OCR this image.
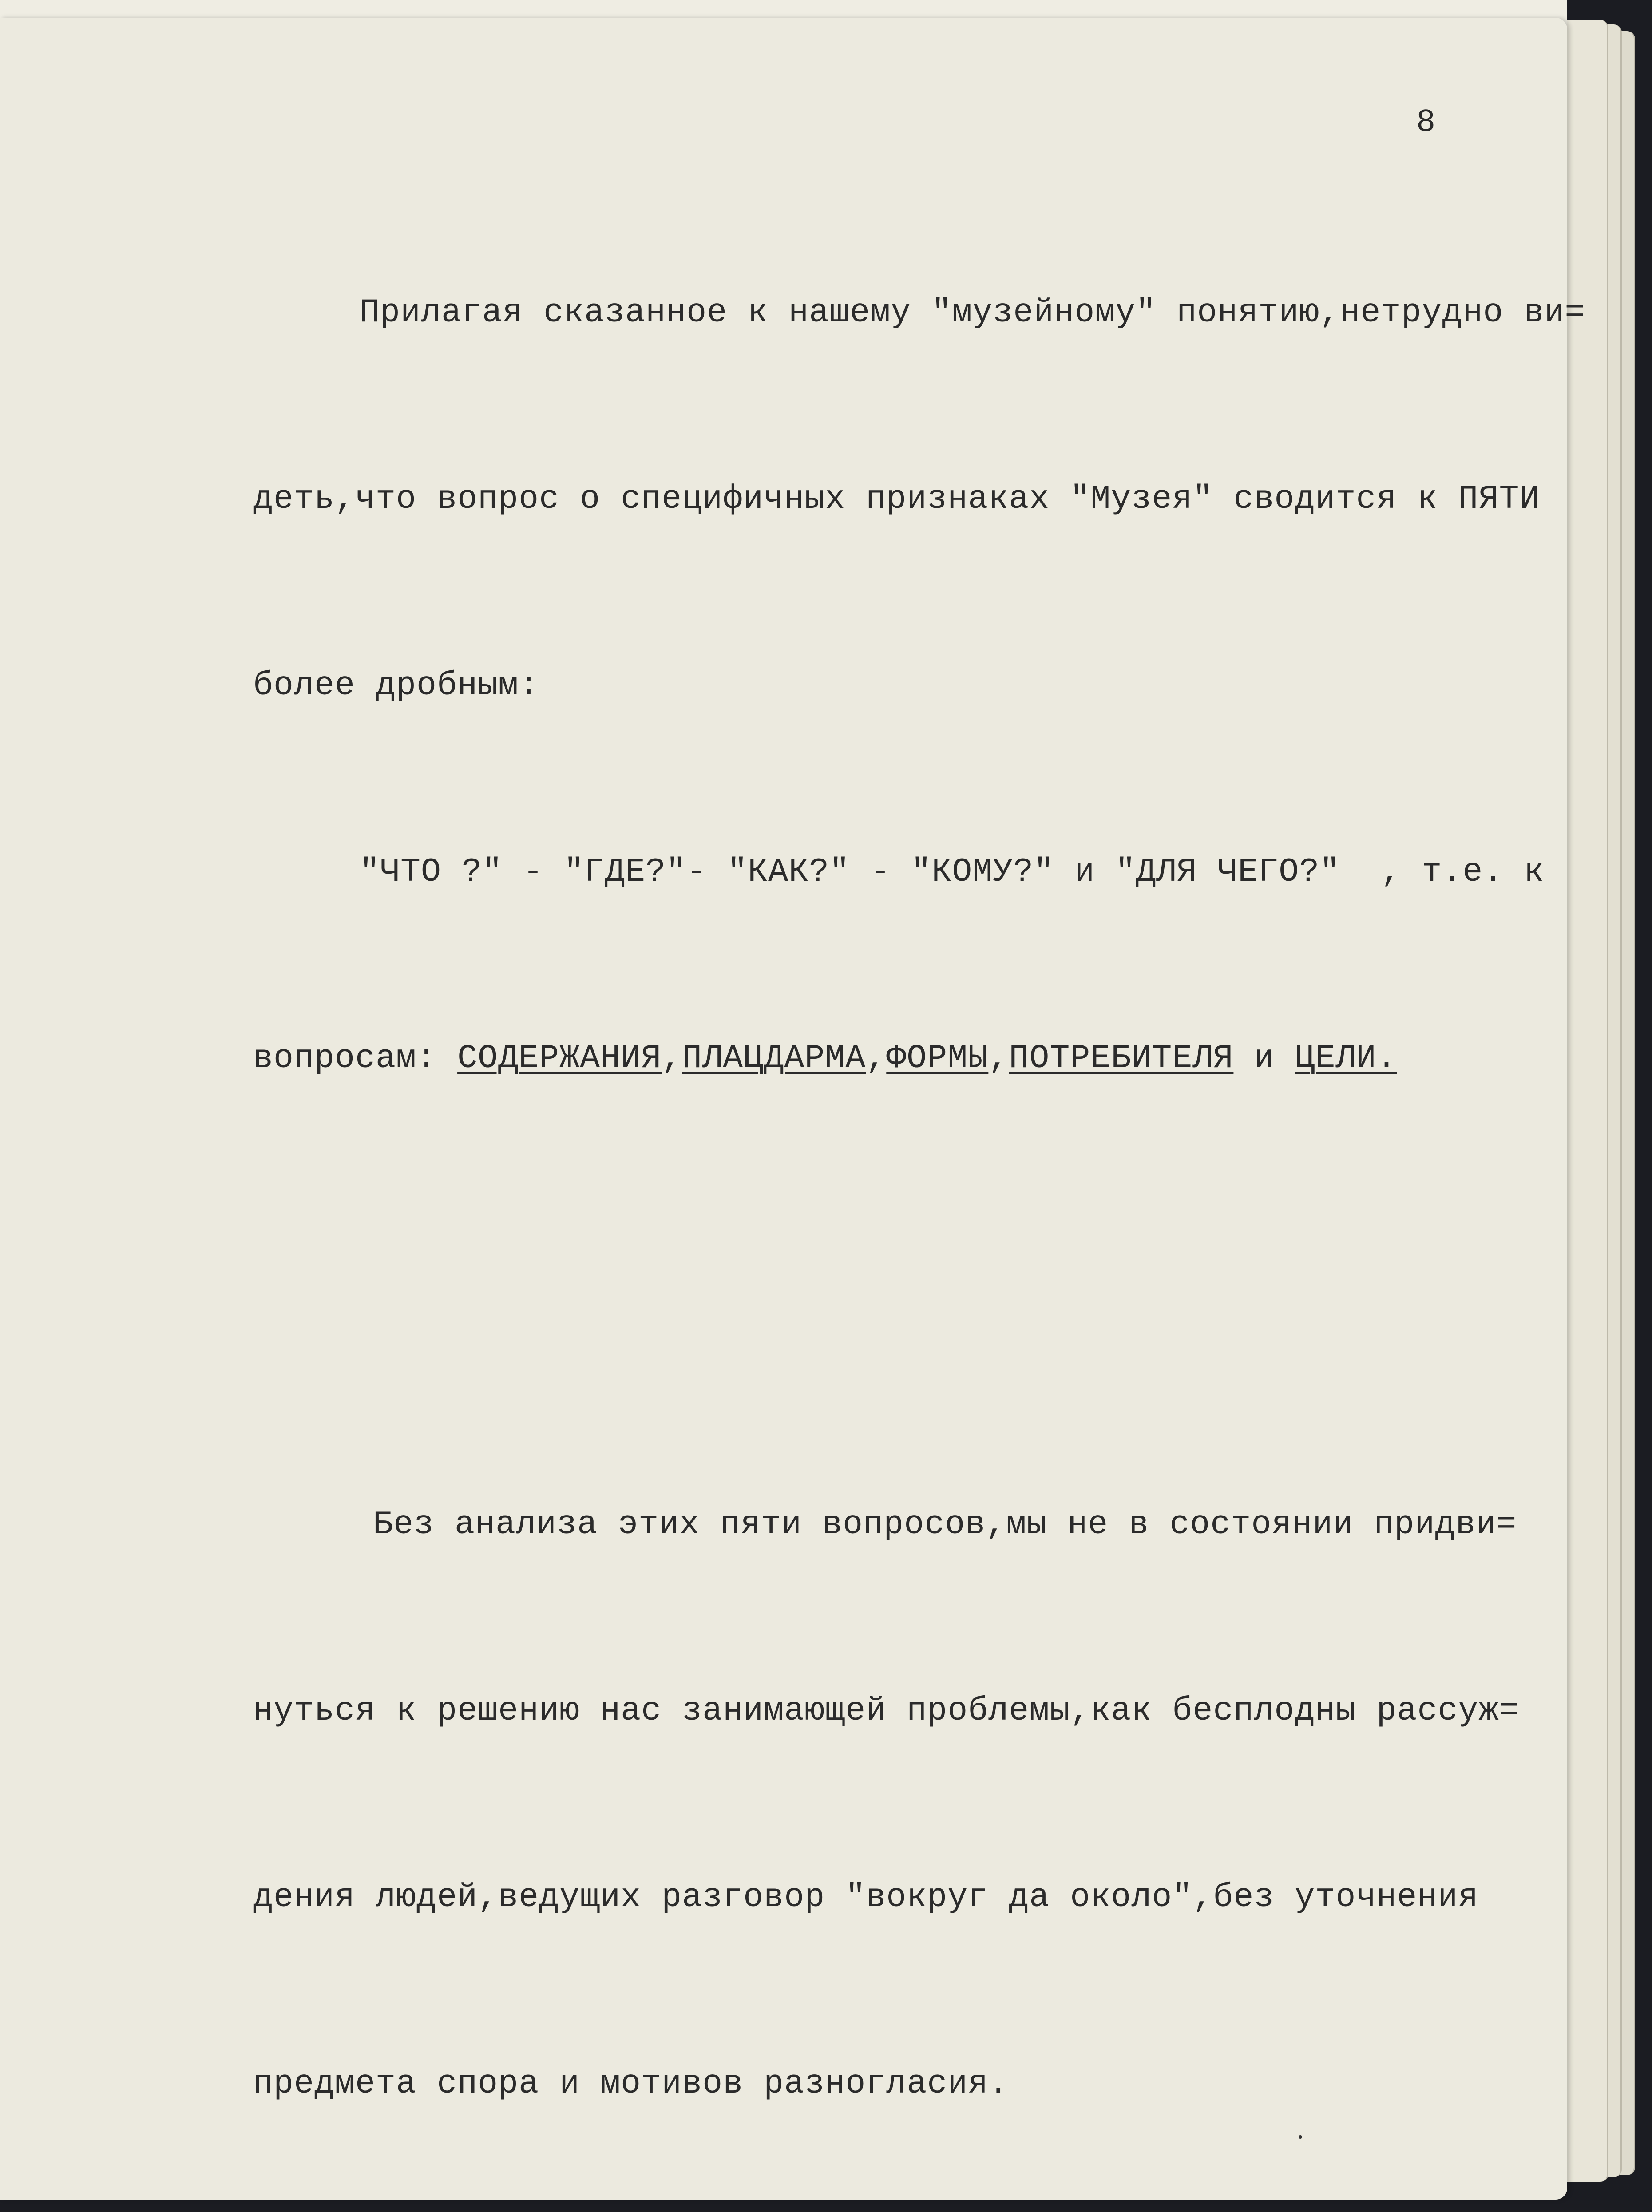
8

Прилагая сказанное к нашему "музейному" понятию,нетрудно ви=

деть,что вопрос о специфичных признаках "Музея" сводится к ПЯТИ

более дробным:

"ЧТО ?" - "ГДЕ?"- "КАК?" - "КОМУ?" и "ДЛЯ ЧЕГО?"  , т.е. к

вопросам: СОДЕРЖАНИЯ,ПЛАЦДАРМА,ФОРМЫ,ПОТРЕБИТЕЛЯ и ЦЕЛИ.

Без анализа этих пяти вопросов,мы не в состоянии придви=

нуться к решению нас занимающей проблемы,как бесплодны рассуж=

дения людей,ведущих разговор "вокруг да около",без уточнения

предмета спора и мотивов разногласия.
